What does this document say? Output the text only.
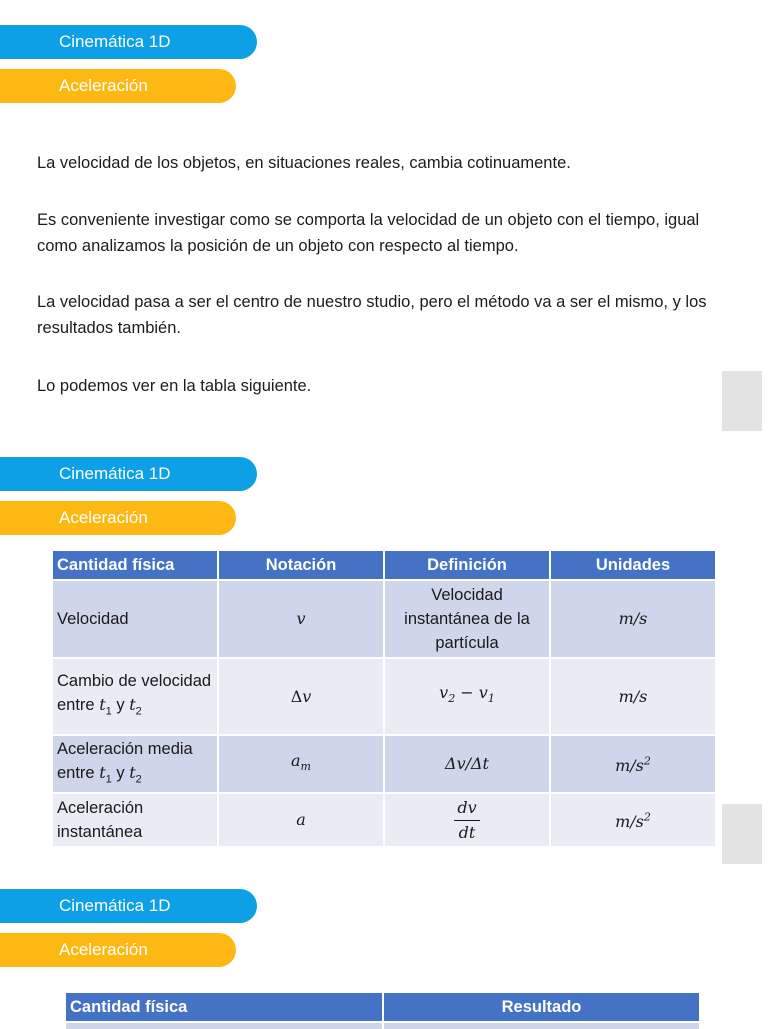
Cinemática 1D
Aceleración

La velocidad de los objetos, en situaciones reales, cambia cotinuamente.

Es conveniente investigar como se comporta la velocidad de un objeto con el tiempo, igual como analizamos la posición de un objeto con respecto al tiempo.

La velocidad pasa a ser el centro de nuestro studio, pero el método va a ser el mismo, y los resultados también.

Lo podemos ver en la tabla siguiente.

Cinemática 1D
Aceleración
Cantidad física	Notación	Definición	Unidades
Velocidad	v	Velocidad instantánea de la partícula	m/s
Cambio de velocidad entre $t_1$ y $t_2$	Δv	$v_2 - v_1$	m/s
Aceleración media entre $t_1$ y $t_2$	$a_m$	Δv/Δt	$m/s^2$
Aceleración instantánea	a	$\frac{dv}{dt}$	$m/s^2$
Cinemática 1D
Aceleración
Cantidad física	Resultado
